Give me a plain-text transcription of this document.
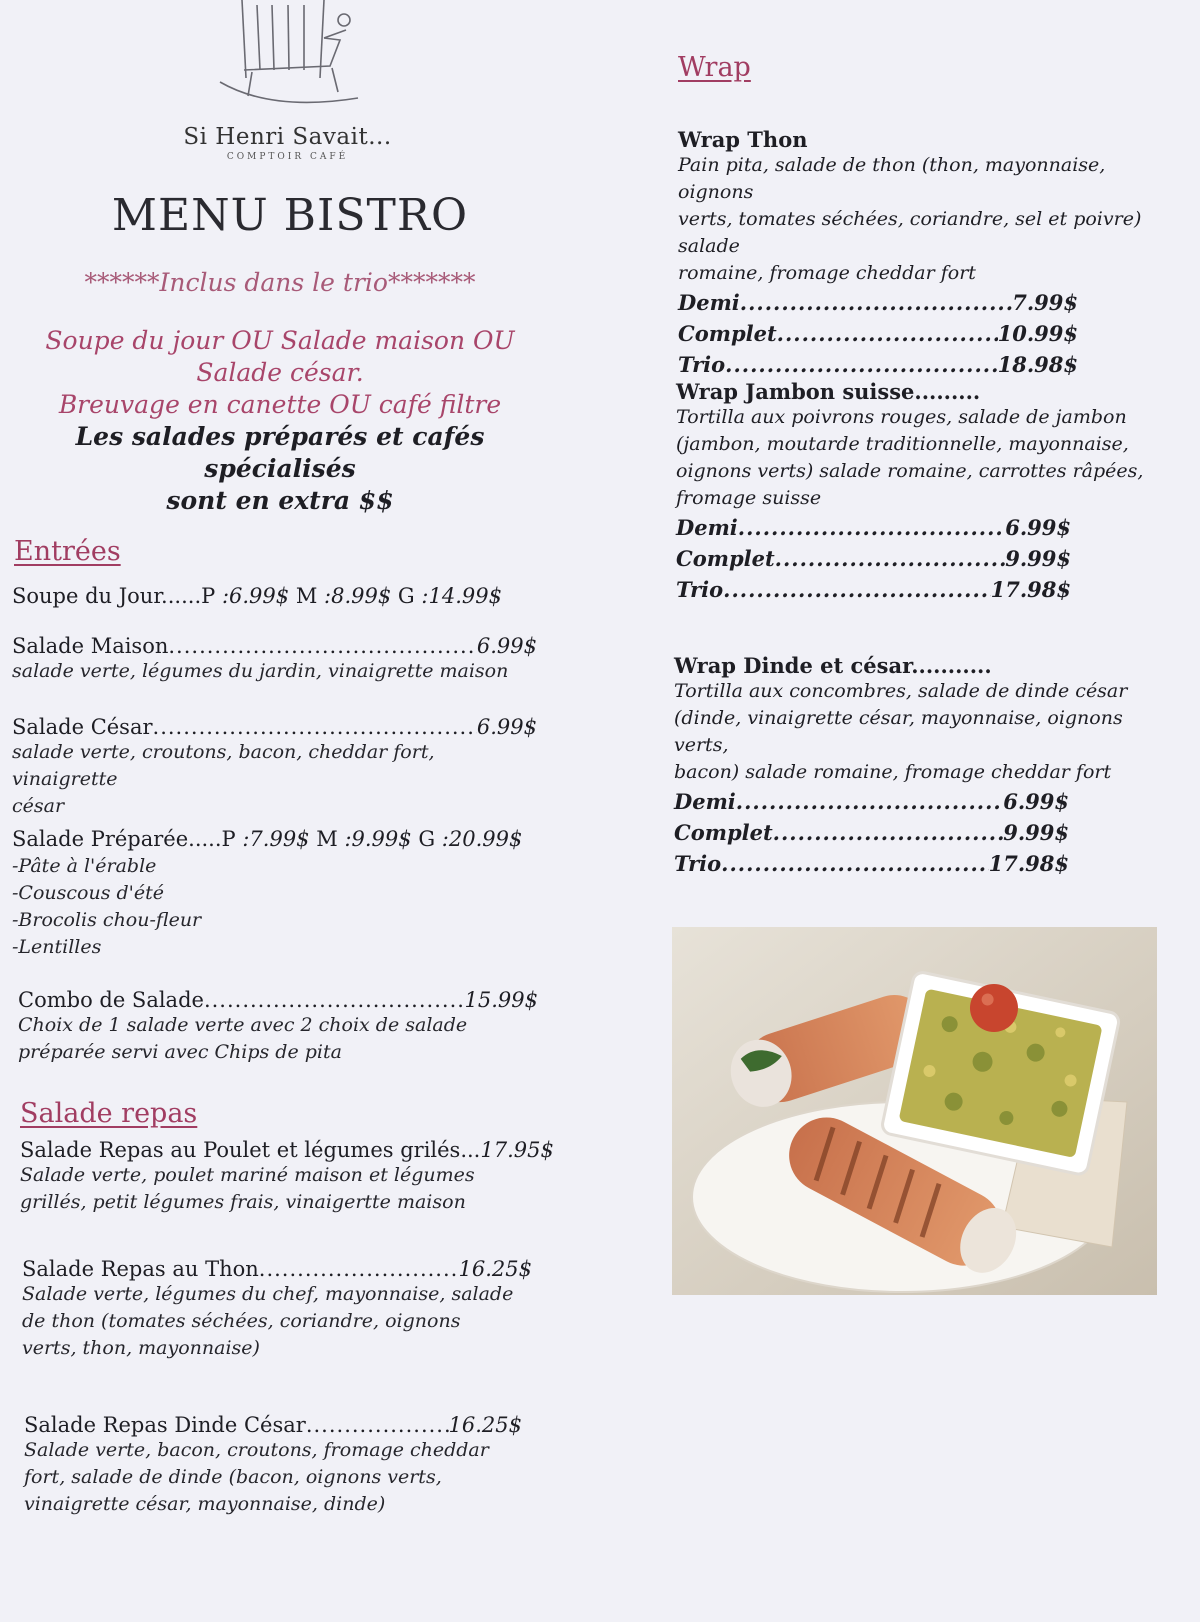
Si Henri Savait...
COMPTOIR CAFÉ
MENU BISTRO
******Inclus dans le trio*******
Soupe du jour OU Salade maison OU
Salade césar.
Breuvage en canette OU café filtre
Les salades préparés et cafés spécialisés
sont en extra $$
Entrées
Soupe du Jour......P :6.99$ M :8.99$ G :14.99$
Salade Maison .....	6.99$
salade verte, légumes du jardin, vinaigrette maison
Salade César .....	6.99$
salade verte, croutons, bacon, cheddar fort, vinaigrette
césar
Salade Préparée.....P :7.99$ M :9.99$ G :20.99$
-Pâte à l'érable
-Couscous d'été
-Brocolis chou-fleur
-Lentilles
Combo de Salade .....	15.99$
Choix de 1 salade verte avec 2 choix de salade
préparée servi avec Chips de pita
Salade repas
Salade Repas au Poulet et légumes grilés... 17.95$
Salade verte, poulet mariné maison et légumes
grillés, petit légumes frais, vinaigertte maison
Salade Repas au Thon .....	16.25$
Salade verte, légumes du chef, mayonnaise, salade
de thon (tomates séchées, coriandre, oignons
verts, thon, mayonnaise)
Salade Repas Dinde César .....	16.25$
Salade verte, bacon, croutons, fromage cheddar
fort, salade de dinde (bacon, oignons verts,
vinaigrette césar, mayonnaise, dinde)
Wrap
Wrap Thon
Pain pita, salade de thon (thon, mayonnaise, oignons
verts, tomates séchées, coriandre, sel et poivre) salade
romaine, fromage cheddar fort
Demi .....	7.99$
Complet .....	10.99$
Trio .....	18.98$
Wrap Jambon suisse.........
Tortilla aux poivrons rouges, salade de jambon
(jambon, moutarde traditionnelle, mayonnaise,
oignons verts) salade romaine, carrottes râpées,
fromage suisse
Demi .....	6.99$
Complet .....	9.99$
Trio .....	17.98$
Wrap Dinde et césar...........
Tortilla aux concombres, salade de dinde césar
(dinde, vinaigrette césar, mayonnaise, oignons verts,
bacon) salade romaine, fromage cheddar fort
Demi .....	6.99$
Complet .....	9.99$
Trio .....	17.98$
